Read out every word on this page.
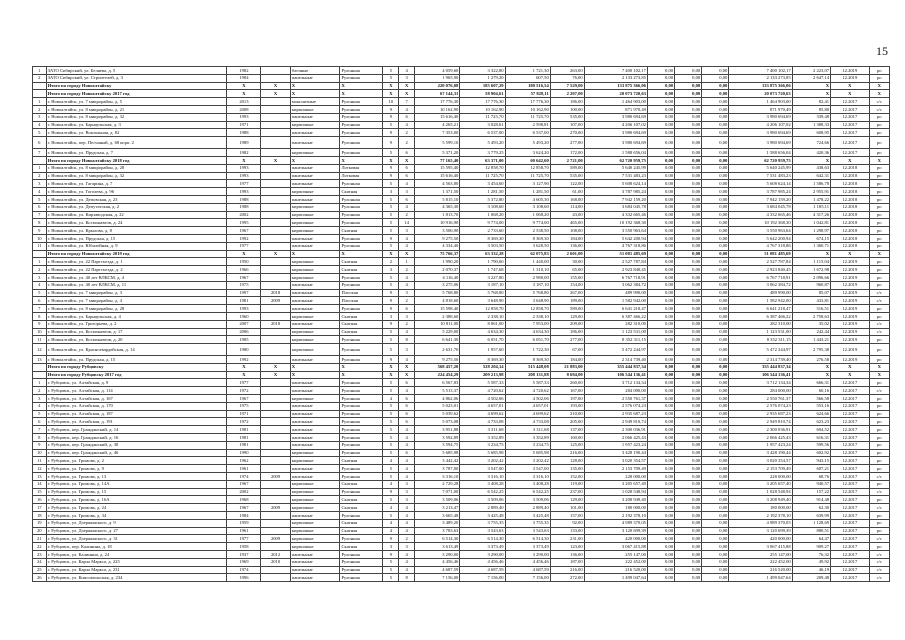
15
1	ЗАТО Сибирский, ул. Беляева, д. 5	1982		блочные	Рулонная	5	4	4 059,60	3 322,80	1 721,30	263,00	7 400 102,17	0,00	0,00	0,00	7 400 102,17	2 223,07	12.2019	ро
2	ЗАТО Сибирский, ул. Строителей, д. 3	1984		панельные	Рулонная	5	3	1 965,90	1 279,20	607,50	76,00	2 133 273,85	0,00	0,00	0,00	2 133 273,85	2 647,14	12.2019	ро
	Итого по городу Новоалтайску	X	X	X	X	X	X	220 076,08	185 607,29	180 516,54	7 529,00	133 875 366,06	0,00	0,00	0,00	133 875 366,06	X	X	X
	Итого по городу Новоалтайску 2017 год	X	X	X	X	X	X	67 144,31	58 904,61	57 828,11	2 207,00	20 073 720,63	0,00	0,00	0,00	20 073 720,63	X	X	X
1	г. Новоалтайск, ул. 7 микрорайон, д. 5	2013		монолитные	Рулонная	10	7	17 776,30	17 776,30	17 776,30	186,00	1 464 903,00	0,00	0,00	0,00	1 464 903,00	82,41	12.2017	с/с
2	г. Новоалтайск, ул. 8 микрорайон, д. 21	2008		кирпичные	Рулонная	9	4	10 162,90	10 162,90	10 162,90	100,00	871 970,49	0,00	0,00	0,00	871 970,49	85,80	12.2017	с/с
3	г. Новоалтайск, ул. 8 микрорайон, д. 32	1993		панельные	Рулонная	9	6	15 616,40	11 725,70	11 725,70	535,00	3 980 694,69	0,00	0,00	0,00	3 980 694,69	339,48	12.2017	ро
4	г. Новоалтайск, ул. Барнаульская, д. 3	1971		кирпичные	Рулонная	5	4	4 265,21	3 028,61	2 598,81	107,00	4 206 107,02	0,00	0,00	0,00	4 206 107,02	1 388,33	12.2017	ро
5	г. Новоалтайск, ул. Вокзальная, д. 82	1988		панельные	Рулонная	9	2	7 353,00	6 537,00	6 537,00	270,00	3 980 694,69	0,00	0,00	0,00	3 980 694,69	608,95	12.2017	ро
6	г. Новоалтайск, пер. Песчаный, д. 68 корп. 2	1989		панельные	Рулонная	9	2	5 599,10	5 493,20	5 493,20	277,00	3 980 694,69	0,00	0,00	0,00	3 980 694,69	724,66	12.2017	ро
7	г. Новоалтайск, ул. Прудская, д. 7	1982		кирпичные	Рулонная	5	6	5 371,20	3 779,25	3 624,20	172,00	1 588 656,04	0,00	0,00	0,00	1 588 656,04	420,36	12.2017	ро
	Итого по городу Новоалтайску 2018 год	X	X	X	X	X	X	77 165,40	63 371,00	60 642,60	2 721,00	62 720 959,75	0,00	0,00	0,00	62 720 959,75	X	X	X
1	г. Новоалтайск, ул. 8 микрорайон, д. 28	1993		панельные	Лотковая	9	6	15 595,40	12 858,70	12 858,70	589,00	5 640 245,99	0,00	0,00	0,00	5 640 245,99	438,63	12.2018	ро
2	г. Новоалтайск, ул. 8 микрорайон, д. 32	1993		панельные	Лотковая	9	6	15 616,40	11 725,70	11 725,70	535,00	7 531 483,23	0,00	0,00	0,00	7 531 483,23	642,31	12.2018	ро
3	г. Новоалтайск, ул. Гагарина, д. 7	1977		панельные	Рулонная	5	4	4 563,80	3 454,60	3 127,90	122,00	5 608 624,14	0,00	0,00	0,00	5 608 624,14	1 586,78	12.2018	ро
4	г. Новоалтайск, ул. Гоголева, д. 96	1993		кирпичные	Скатная	3	3	1 371,50	1 281,50	1 281,50	61,00	3 787 985,24	0,00	0,00	0,00	3 787 985,24	2 955,91	12.2018	ро
5	г. Новоалтайск, ул. Деповская, д. 23	1988		панельные	Рулонная	5	6	5 815,10	5 372,80	4 605,30	168,00	7 942 159,20	0,00	0,00	0,00	7 942 159,20	1 478,22	12.2018	ро
6	г. Новоалтайск, ул. Депутатская, д. 2	1988		кирпичные	Рулонная	5	4	4 365,30	3 108,60	3 108,60	114,00	3 684 045,78	0,00	0,00	0,00	3 684 045,78	1 185,11	12.2018	ро
7	г. Новоалтайск, ул. Кирзаводская, д. 22	2002		кирпичные	Рулонная	5	2	1 813,70	1 068,20	1 068,20	43,00	4 332 665,46	0,00	0,00	0,00	4 332 665,46	4 317,26	12.2018	ро
8	г. Новоалтайск, ул. Космонавтов, д. 24	1995		кирпичные	Рулонная	5	14	10 916,90	9 774,00	9 774,00	465,00	10 192 368,30	0,00	0,00	0,00	10 192 368,30	1 042,81	12.2018	ро
9	г. Новоалтайск, ул. Крылова, д. 8	1967		кирпичные	Скатная	5	3	3 506,90	2 733,60	2 538,50	108,00	3 550 963,64	0,00	0,00	0,00	3 550 963,64	1 298,97	12.2018	ро
10	г. Новоалтайск, ул. Прудская, д. 15	1992		панельные	Рулонная	9	4	9 275,50	8 369,30	8 369,30	184,00	5 642 200,94	0,00	0,00	0,00	5 642 200,94	674,15	12.2018	ро
11	г. Новоалтайск, ул. Юбилейная, д. 9	1977		панельные	Рулонная	5	4	4 334,40	3 503,50	3 628,50	136,00	4 767 318,86	0,00	0,00	0,00	4 767 318,86	1 360,71	12.2018	ро
	Итого по городу Новоалтайску 2019 год	X	X	X	X	X	X	75 766,37	63 332,28	62 075,83	2 601,00	51 081 485,69	0,00	0,00	0,00	51 081 485,69	X	X	X
1	г. Новоалтайск, ул. 22 Партсъезда, д. 1	1950		кирпичные	Скатная	2	1	1 990,20	1 790,60	1 440,00	30,00	2 527 787,84	0,00	0,00	0,00	2 527 787,84	1 115,04	12.2019	ро
2	г. Новоалтайск, ул. 22 Партсъезда, д. 2	1966		кирпичные	Скатная	3	2	2 070,37	1 747,68	1 310,10	65,00	2 923 840,45	0,00	0,00	0,00	2 923 840,45	1 672,98	12.2019	ро
3	г. Новоалтайск, ул. 40 лет ВЛКСМ, д. 4	1967		кирпичные	Рулонная	5	4	4 116,40	3 227,80	2 980,00	155,00	6 767 718,91	0,00	0,00	0,00	6 767 718,91	2 096,66	12.2019	ро
4	г. Новоалтайск, ул. 40 лет ВЛКСМ, д. 11	1975		панельные	Рулонная	5	4	3 275,06	3 187,10	3 187,10	154,00	3 062 384,72	0,00	0,00	0,00	3 062 384,72	960,87	12.2019	ро
5	г. Новоалтайск, ул. 7 микрорайон, д. 3	1997	2018	панельные	Плоская	9	3	5 768,80	5 768,80	5 768,80	267,00	489 990,00	0,00	0,00	0,00	489 990,00	85,07	12.2019	с/с
6	г. Новоалтайск, ул. 7 микрорайон, д. 4	1981	2009	панельные	Плоская	9	2	4 818,60	3 648,90	3 648,90	189,00	1 582 942,00	0,00	0,00	0,00	1 582 942,00	433,81	12.2019	с/с
7	г. Новоалтайск, ул. 8 микрорайон, д. 28	1993		панельные	Рулонная	9	6	15 598,40	12 858,70	12 858,70	589,00	6 641 218,47	0,00	0,00	0,00	6 641 218,47	516,51	12.2019	ро
8	г. Новоалтайск, ул. Барнаульская, д. 4	1960		кирпичные	Скатная	3	3	2 388,60	2 338,10	2 338,10	129,00	6 387 466,22	0,00	0,00	0,00	6 387 466,22	2 758,63	12.2019	ро
9	г. Новоалтайск, ул. Григорьева, д. 2	2007	2018	панельные	Скатная	9	2	10 811,00	8 061,00	7 953,00	209,00	282 310,00	0,00	0,00	0,00	282 310,00	35,02	12.2019	с/с
10	г. Новоалтайск, ул. Космонавтов, д. 17	2006		кирпичные	Скатная	5	4	5 229,00	4 634,30	4 634,30	186,00	1 123 531,00	0,00	0,00	0,00	1 123 531,00	242,44	12.2019	с/с
11	г. Новоалтайск, ул. Космонавтов, д. 20	1985		кирпичные	Рулонная	5	8	6 641,30	6 051,70	6 051,70	277,00	8 352 311,15	0,00	0,00	0,00	8 352 311,15	1 443,21	12.2019	ро
12	г. Новоалтайск, ул. Красногвардейская, д. 14	1980		кирпичные	Рулонная	5	3	2 631,70	1 957,60	1 722,30	67,00	5 472 244,97	0,00	0,00	0,00	5 472 244,97	2 795,38	12.2019	ро
13	г. Новоалтайск, ул. Прудская, д. 15	1992		панельные	Рулонная	9	4	9 275,50	8 369,30	8 369,30	184,00	2 314 739,40	0,00	0,00	0,00	2 314 739,40	276,58	12.2019	ро
	Итого по городу Рубцовску	X	X	X	X	X	X	568 457,20	528 204,14	515 448,08	21 883,00	355 444 837,34	0,00	0,00	0,00	355 444 837,34	X	X	X
	Итого по городу Рубцовску 2017 год	X	X	X	X	X	X	224 454,29	209 213,98	208 131,88	8 694,00	106 544 136,41	0,00	0,00	0,00	106 544 136,41	X	X	X
1	г. Рубцовск, ул. Алтайская, д. 9	1977		панельные	Рулонная	5	6	6 567,83	5 587,33	5 587,33	260,00	3 712 134,34	0,00	0,00	0,00	3 712 134,34	666,31	12.2017	ро
2	г. Рубцовск, ул. Алтайская, д. 114	1972		панельные	Рулонная	5	4	5 513,37	4 720,62	4 720,62	167,00	284 000,00	0,00	0,00	0,00	284 000,00	60,16	12.2017	с/с
3	г. Рубцовск, ул. Алтайская, д. 167	1967		кирпичные	Рулонная	4	6	4 862,06	4 502,06	4 502,06	197,00	2 550 761,37	0,00	0,00	0,00	2 550 761,37	566,58	12.2017	ро
4	г. Рубцовск, ул. Алтайская, д. 170	1975		панельные	Рулонная	5	6	5 023,01	4 657,01	4 657,01	193,00	2 576 074,23	0,00	0,00	0,00	2 576 074,23	553,16	12.2017	ро
5	г. Рубцовск, ул. Алтайская, д. 187	1971		панельные	Рулонная	5	6	5 039,62	4 699,62	4 699,62	210,00	2 935 687,23	0,00	0,00	0,00	2 935 687,23	624,66	12.2017	ро
6	г. Рубцовск, ул. Алтайская, д. 191	1972		панельные	Рулонная	5	6	5 073,08	4 733,08	4 733,08	205,00	2 949 810,74	0,00	0,00	0,00	2 949 810,74	623,23	12.2017	ро
7	г. Рубцовск, пер. Гражданский, д. 14	1981		панельные	Рулонная	5	4	3 951,88	3 311,68	3 311,68	137,00	2 300 036,91	0,00	0,00	0,00	2 300 036,91	694,52	12.2017	ро
8	г. Рубцовск, пер. Гражданский, д. 16	1981		панельные	Рулонная	5	4	3 592,89	3 352,89	3 352,89	160,00	2 066 425,43	0,00	0,00	0,00	2 066 425,43	616,31	12.2017	ро
9	г. Рубцовск, пер. Гражданский, д. 38	1981		панельные	Рулонная	5	4	3 594,75	3 234,75	3 234,75	125,00	1 957 423,24	0,00	0,00	0,00	1 957 423,24	599,56	12.2017	ро
10	г. Рубцовск, пер. Гражданский, д. 46	1990		кирпичные	Рулонная	5	6	5 685,98	5 685,98	5 685,98	216,00	3 428 190,44	0,00	0,00	0,00	3 428 190,44	602,92	12.2017	ро
11	г. Рубцовск, ул. Громова, д. 2	1962		кирпичные	Скатная	4	4	3 442,42	3 202,42	3 202,42	128,00	3 020 354,57	0,00	0,00	0,00	3 020 354,57	943,15	12.2017	ро
12	г. Рубцовск, ул. Громова, д. 9	1961		панельные	Рулонная	5	4	3 787,00	3 547,00	3 547,00	135,00	2 153 709,49	0,00	0,00	0,00	2 153 709,49	607,21	12.2017	ро
13	г. Рубцовск, ул. Громова, д. 13	1974	2009	панельные	Рулонная	5	4	3 316,10	3 316,10	3 316,10	152,00	228 000,00	0,00	0,00	0,00	228 000,00	68,76	12.2017	с/с
14	г. Рубцовск, ул. Громова, д. 14А	1967		кирпичные	Скатная	4	3	2 729,28	3 408,28	3 408,28	119,00	3 205 657,40	0,00	0,00	0,00	3 205 657,40	940,57	12.2017	ро
15	г. Рубцовск, ул. Громова, д. 15	2002		кирпичные	Рулонная	9	3	7 071,00	6 542,25	6 542,25	237,00	1 028 548,94	0,00	0,00	0,00	1 028 548,94	157,22	12.2017	с/с
16	г. Рубцовск, ул. Громова, д. 16А	1968		кирпичные	Скатная	5	3	3 509,06	3 509,06	3 509,06	129,00	3 208 949,40	0,00	0,00	0,00	3 208 949,40	914,48	12.2017	ро
17	г. Рубцовск, ул. Громова, д. 24	1967	2009	кирпичные	Скатная	4	4	3 213,47	2 889,40	2 889,40	101,00	180 000,00	0,00	0,00	0,00	180 000,00	62,30	12.2017	с/с
18	г. Рубцовск, ул. Громова, д. 34	1984		панельные	Рулонная	5	4	3 665,48	3 425,48	3 425,48	157,00	2 192 378,10	0,00	0,00	0,00	2 192 378,10	639,99	12.2017	ро
19	г. Рубцовск, ул. Дзержинского, д. 9	1959		кирпичные	Скатная	4	4	3 489,20	3 755,35	3 755,35	92,00	4 989 370,05	0,00	0,00	0,00	4 989 370,05	1 128,69	12.2017	ро
20	г. Рубцовск, ул. Дзержинского, д. 27	1961		кирпичные	Скатная	4	4	3 783,63	3 543,63	3 543,63	133,00	3 120 699,39	0,00	0,00	0,00	3 120 699,39	880,51	12.2017	ро
21	г. Рубцовск, ул. Дзержинского, д. 31	1977	2009	кирпичные	Рулонная	9	2	6 514,30	6 514,30	6 514,30	231,00	420 000,00	0,00	0,00	0,00	420 000,00	64,47	12.2017	с/с
22	г. Рубцовск, пер. Калинина, д. 18	1958		кирпичные	Скатная	3	3	3 613,49	3 373,49	3 373,49	123,00	3 067 415,88	0,00	0,00	0,00	3 067 415,88	909,27	12.2017	ро
23	г. Рубцовск, ул. Калинина, д. 24	1937	2012	панельные	Рулонная	9	4	3 290,00	3 290,00	3 290,00	136,00	255 147,00	0,00	0,00	0,00	255 147,00	76,32	12.2017	с/с
24	г. Рубцовск, ул. Карла Маркса, д. 225	1969	2010	панельные	Рулонная	5	4	4 456,46	4 456,46	4 456,46	187,00	222 452,00	0,00	0,00	0,00	222 452,00	49,92	12.2017	с/с
25	г. Рубцовск, ул. Карла Маркса, д. 231	1974		панельные	Рулонная	5	4	4 687,59	4 687,59	4 687,59	216,00	216 520,00	0,00	0,00	0,00	216 520,00	46,19	12.2017	с/с
26	г. Рубцовск, ул. Комсомольская, д. 234	1996		панельные	Рулонная	5	8	7 156,00	7 156,00	7 156,00	272,00	1 499 047,64	0,00	0,00	0,00	1 499 047,64	209,48	12.2017	с/с
